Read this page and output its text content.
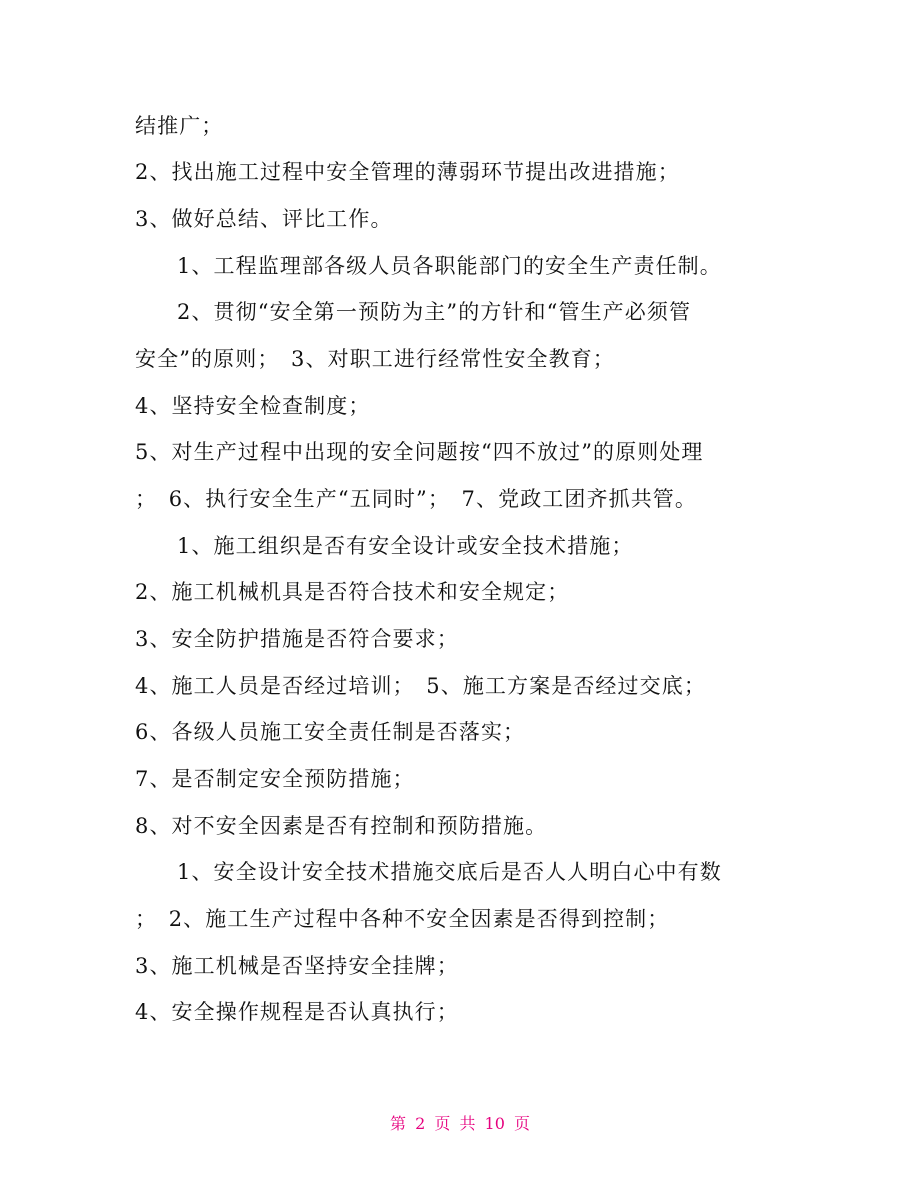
结推广；
2、找出施工过程中安全管理的薄弱环节提出改进措施；
3、做好总结、评比工作。
1、工程监理部各级人员各职能部门的安全生产责任制。
2、贯彻“安全第一预防为主”的方针和“管生产必须管
安全”的原则；　3、对职工进行经常性安全教育；
4、坚持安全检查制度；
5、对生产过程中出现的安全问题按“四不放过”的原则处理
；　6、执行安全生产“五同时”；　7、党政工团齐抓共管。
1、施工组织是否有安全设计或安全技术措施；
2、施工机械机具是否符合技术和安全规定；
3、安全防护措施是否符合要求；
4、施工人员是否经过培训；　5、施工方案是否经过交底；
6、各级人员施工安全责任制是否落实；
7、是否制定安全预防措施；
8、对不安全因素是否有控制和预防措施。
1、安全设计安全技术措施交底后是否人人明白心中有数
；　2、施工生产过程中各种不安全因素是否得到控制；
3、施工机械是否坚持安全挂牌；
4、安全操作规程是否认真执行；
第 2 页 共 10 页
